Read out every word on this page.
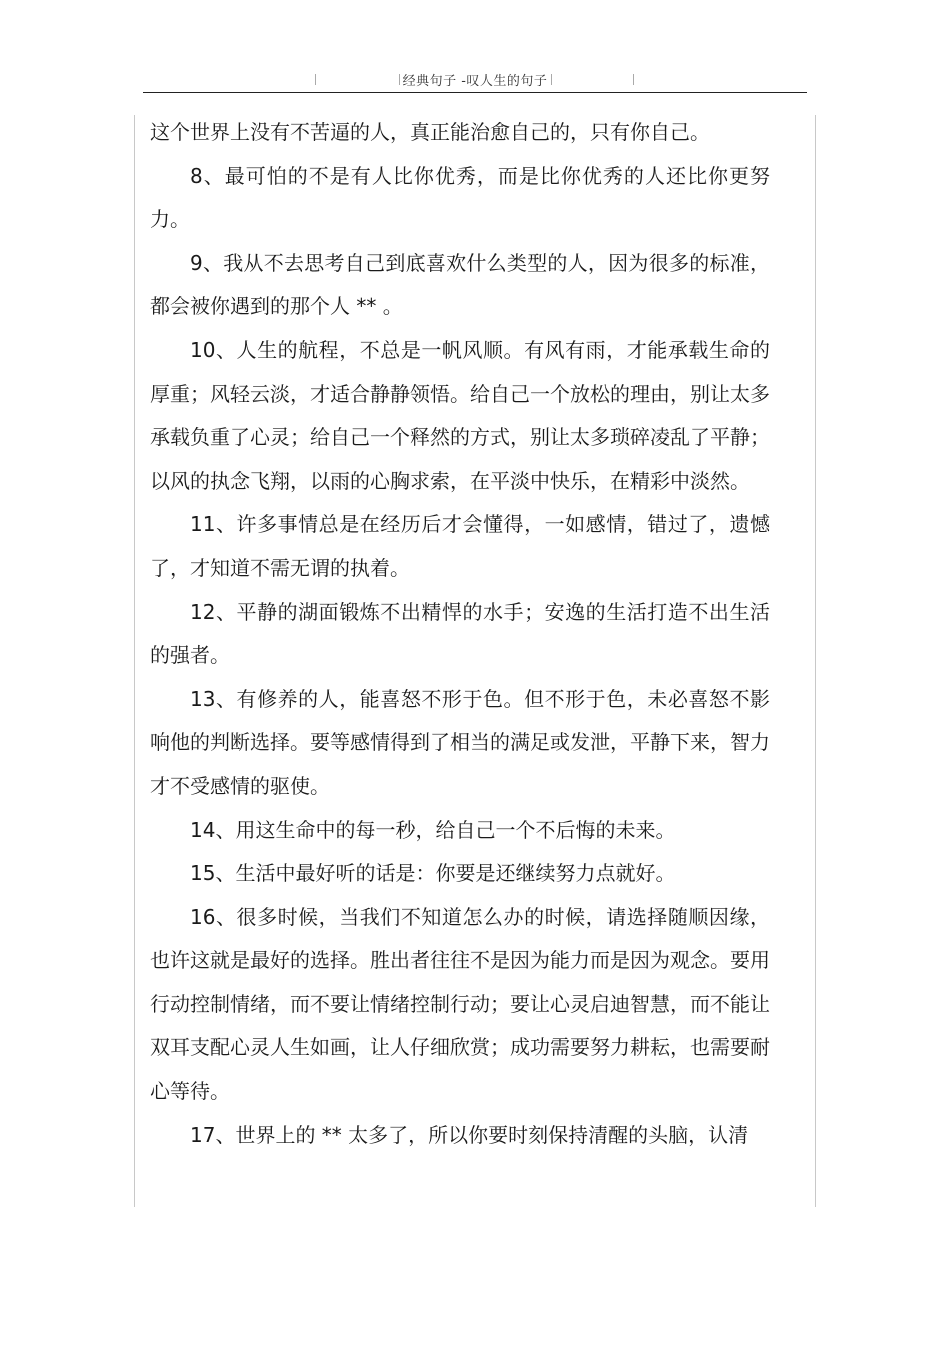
经典句子 -叹人生的句子

这个世界上没有不苦逼的人，真正能治愈自己的，只有你自己。

8、最可怕的不是有人比你优秀，而是比你优秀的人还比你更努力。

9、我从不去思考自己到底喜欢什么类型的人，因为很多的标准，都会被你遇到的那个人 ** 。

10、人生的航程，不总是一帆风顺。有风有雨，才能承载生命的厚重；风轻云淡，才适合静静领悟。给自己一个放松的理由，别让太多承载负重了心灵；给自己一个释然的方式，别让太多琐碎凌乱了平静；以风的执念飞翔，以雨的心胸求索，在平淡中快乐，在精彩中淡然。

11、许多事情总是在经历后才会懂得，一如感情，错过了，遗憾了，才知道不需无谓的执着。

12、平静的湖面锻炼不出精悍的水手；安逸的生活打造不出生活的强者。

13、有修养的人，能喜怒不形于色。但不形于色，未必喜怒不影响他的判断选择。要等感情得到了相当的满足或发泄，平静下来，智力才不受感情的驱使。

14、用这生命中的每一秒，给自己一个不后悔的未来。

15、生活中最好听的话是：你要是还继续努力点就好。

16、很多时候，当我们不知道怎么办的时候，请选择随顺因缘，也许这就是最好的选择。胜出者往往不是因为能力而是因为观念。要用行动控制情绪，而不要让情绪控制行动；要让心灵启迪智慧，而不能让双耳支配心灵人生如画，让人仔细欣赏；成功需要努力耕耘，也需要耐心等待。

17、世界上的 ** 太多了，所以你要时刻保持清醒的头脑，认清
